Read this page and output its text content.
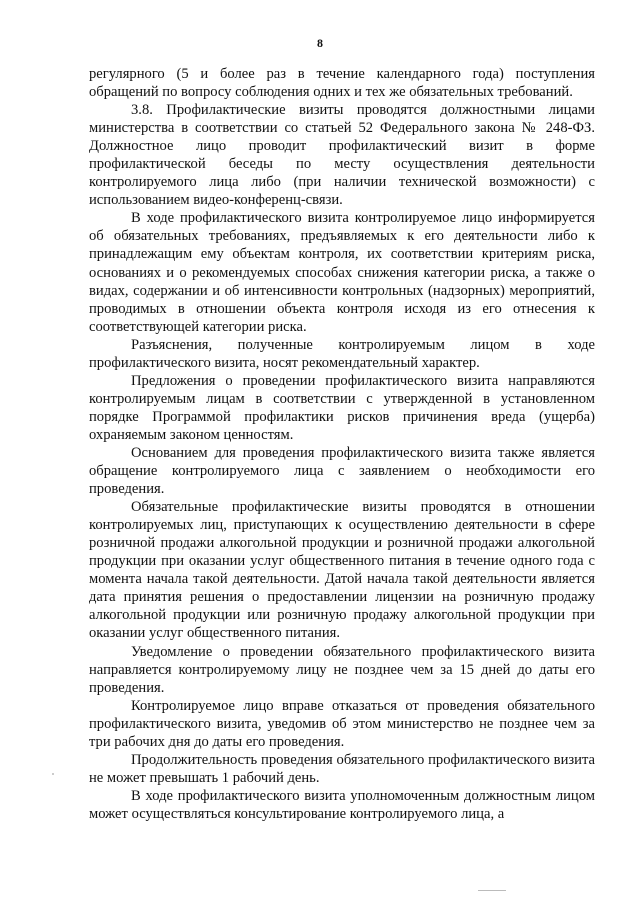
8

регулярного (5 и более раз в течение календарного года) поступления обращений по вопросу соблюдения одних и тех же обязательных требований.

3.8. Профилактические визиты проводятся должностными лицами министерства в соответствии со статьей 52 Федерального закона № 248-ФЗ. Должностное лицо проводит профилактический визит в форме профилактической беседы по месту осуществления деятельности контролируемого лица либо (при наличии технической возможности) с использованием видео-конференц-связи.

В ходе профилактического визита контролируемое лицо информируется об обязательных требованиях, предъявляемых к его деятельности либо к принадлежащим ему объектам контроля, их соответствии критериям риска, основаниях и о рекомендуемых способах снижения категории риска, а также о видах, содержании и об интенсивности контрольных (надзорных) мероприятий, проводимых в отношении объекта контроля исходя из его отнесения к соответствующей категории риска.

Разъяснения, полученные контролируемым лицом в ходе профилактического визита, носят рекомендательный характер.

Предложения о проведении профилактического визита направляются контролируемым лицам в соответствии с утвержденной в установленном порядке Программой профилактики рисков причинения вреда (ущерба) охраняемым законом ценностям.

Основанием для проведения профилактического визита также является обращение контролируемого лица с заявлением о необходимости его проведения.

Обязательные профилактические визиты проводятся в отношении контролируемых лиц, приступающих к осуществлению деятельности в сфере розничной продажи алкогольной продукции и розничной продажи алкогольной продукции при оказании услуг общественного питания в течение одного года с момента начала такой деятельности. Датой начала такой деятельности является дата принятия решения о предоставлении лицензии на розничную продажу алкогольной продукции или розничную продажу алкогольной продукции при оказании услуг общественного питания.

Уведомление о проведении обязательного профилактического визита направляется контролируемому лицу не позднее чем за 15 дней до даты его проведения.

Контролируемое лицо вправе отказаться от проведения обязательного профилактического визита, уведомив об этом министерство не позднее чем за три рабочих дня до даты его проведения.

Продолжительность проведения обязательного профилактического визита не может превышать 1 рабочий день.

В ходе профилактического визита уполномоченным должностным лицом может осуществляться консультирование контролируемого лица, а
